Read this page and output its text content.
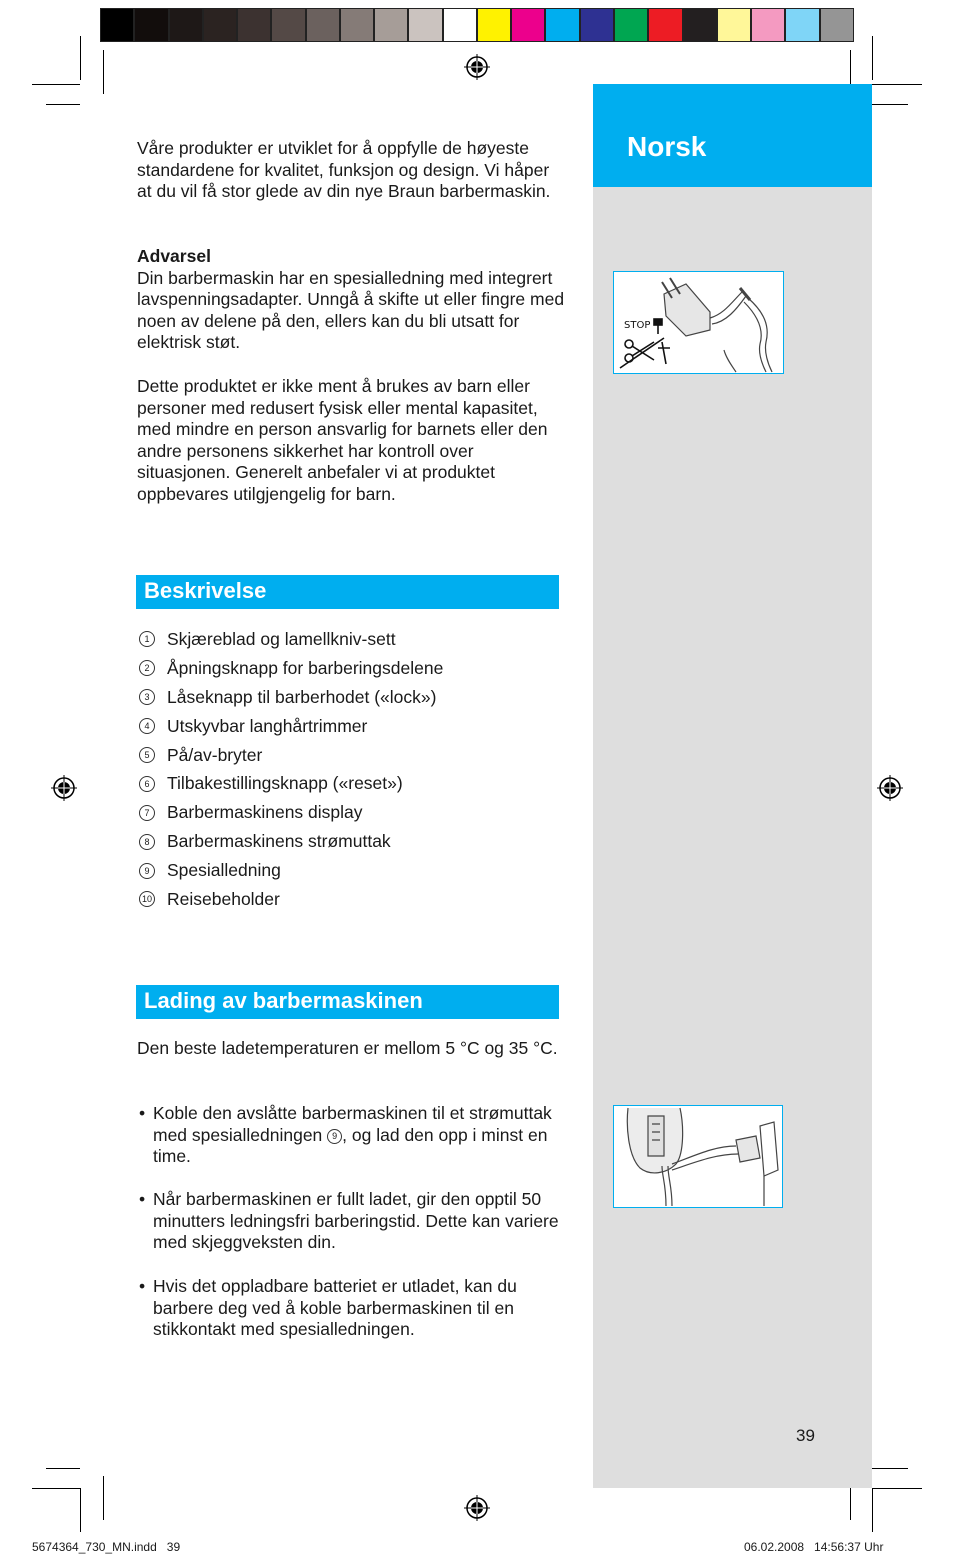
Norsk
STOP
39

Våre produkter er utviklet for å oppfylle de høyeste standardene for kvalitet, funksjon og design. Vi håper at du vil få stor glede av din nye Braun barbermaskin.

Advarsel
Din barbermaskin har en spesialledning med integrert lavspenningsadapter. Unngå å skifte ut eller fingre med noen av delene på den, ellers kan du bli utsatt for elektrisk støt.

Dette produktet er ikke ment å brukes av barn eller personer med redusert fysisk eller mental kapasitet, med mindre en person ansvarlig for barnets eller den andre personens sikkerhet har kontroll over situasjonen. Generelt anbefaler vi at produktet oppbevares utilgjengelig for barn.

Beskrivelse
1	Skjæreblad og lamellkniv-sett
2	Åpningsknapp for barberingsdelene
3	Låseknapp til barberhodet («lock»)
4	Utskyvbar langhårtrimmer
5	På/av-bryter
6	Tilbakestillingsknapp («reset»)
7	Barbermaskinens display
8	Barbermaskinens strømuttak
9	Spesialledning
10 Reisebeholder
Lading av barbermaskinen

Den beste ladetemperaturen er mellom 5 °C og 35 °C.

• Koble den avslåtte barbermaskinen til et strømuttak med spesialledningen 9 , og lad den opp i minst en time.
• Når barbermaskinen er fullt ladet, gir den opptil 50 minutters ledningsfri barberingstid. Dette kan variere med skjeggveksten din.
• Hvis det oppladbare batteriet er utladet, kan du barbere deg ved å koble barbermaskinen til en stikkontakt med spesialledningen.
5674364_730_MN.indd   39	06.02.2008   14:56:37 Uhr
